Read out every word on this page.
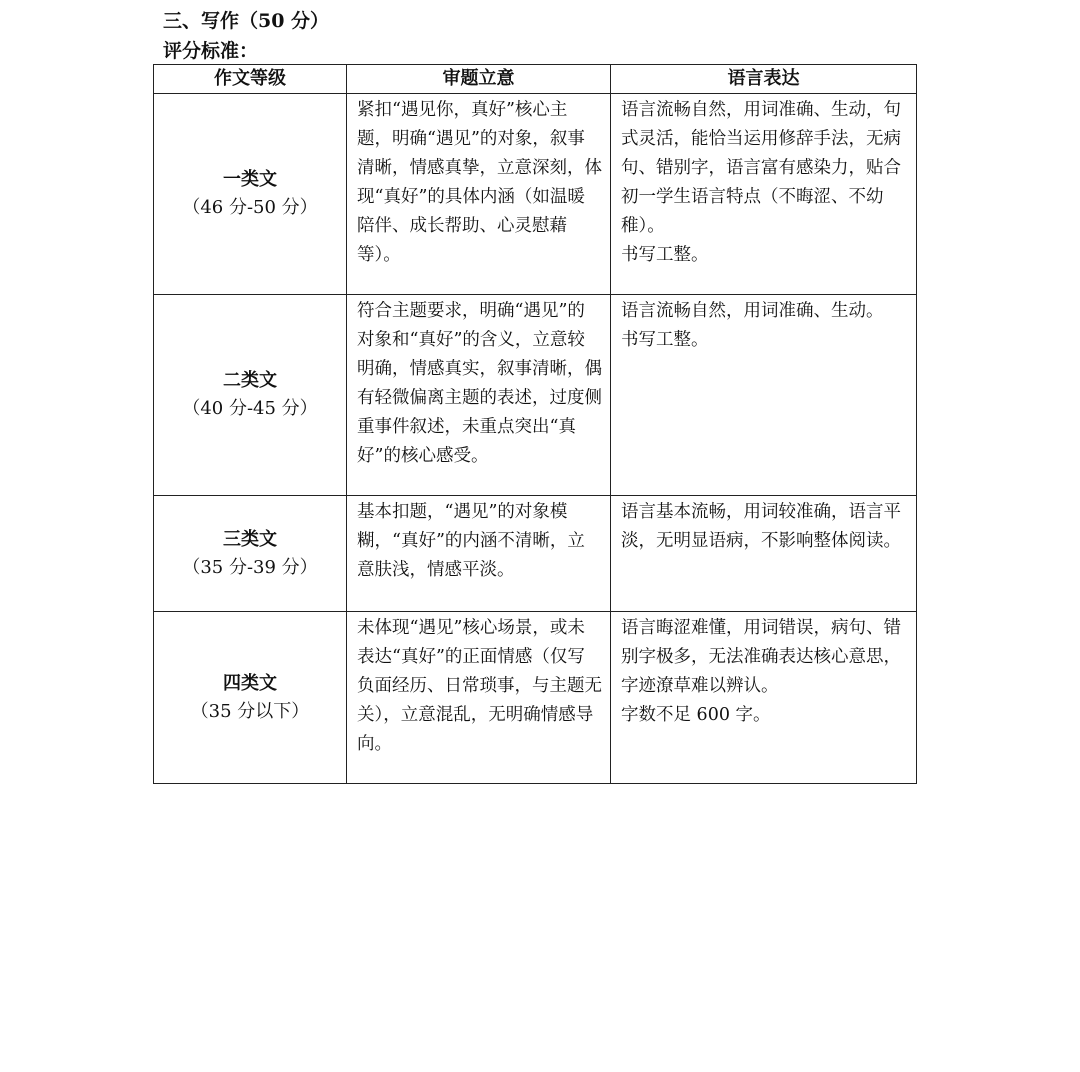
三、写作（50 分）
评分标准：
作文等级	审题立意	语言表达

一类文
（46 分-50 分）	紧扣“遇见你，真好”核心主题，明确“遇见”的对象，叙事清晰，情感真挚，立意深刻，体现“真好”的具体内涵（如温暖陪伴、成长帮助、心灵慰藉等）。	语言流畅自然，用词准确、生动，句式灵活，能恰当运用修辞手法，无病句、错别字，语言富有感染力，贴合初一学生语言特点（不晦涩、不幼稚）。
书写工整。

二类文
（40 分-45 分）	符合主题要求，明确“遇见”的对象和“真好”的含义，立意较明确，情感真实，叙事清晰，偶有轻微偏离主题的表述，过度侧重事件叙述，未重点突出“真好”的核心感受。	语言流畅自然，用词准确、生动。
书写工整。

三类文
（35 分-39 分）	基本扣题，“遇见”的对象模糊，“真好”的内涵不清晰，立意肤浅，情感平淡。	语言基本流畅，用词较准确，语言平淡，无明显语病，不影响整体阅读。

四类文
（35 分以下）	未体现“遇见”核心场景，或未表达“真好”的正面情感（仅写负面经历、日常琐事，与主题无关），立意混乱，无明确情感导向。	语言晦涩难懂，用词错误，病句、错别字极多，无法准确表达核心意思，字迹潦草难以辨认。
字数不足 600 字。
